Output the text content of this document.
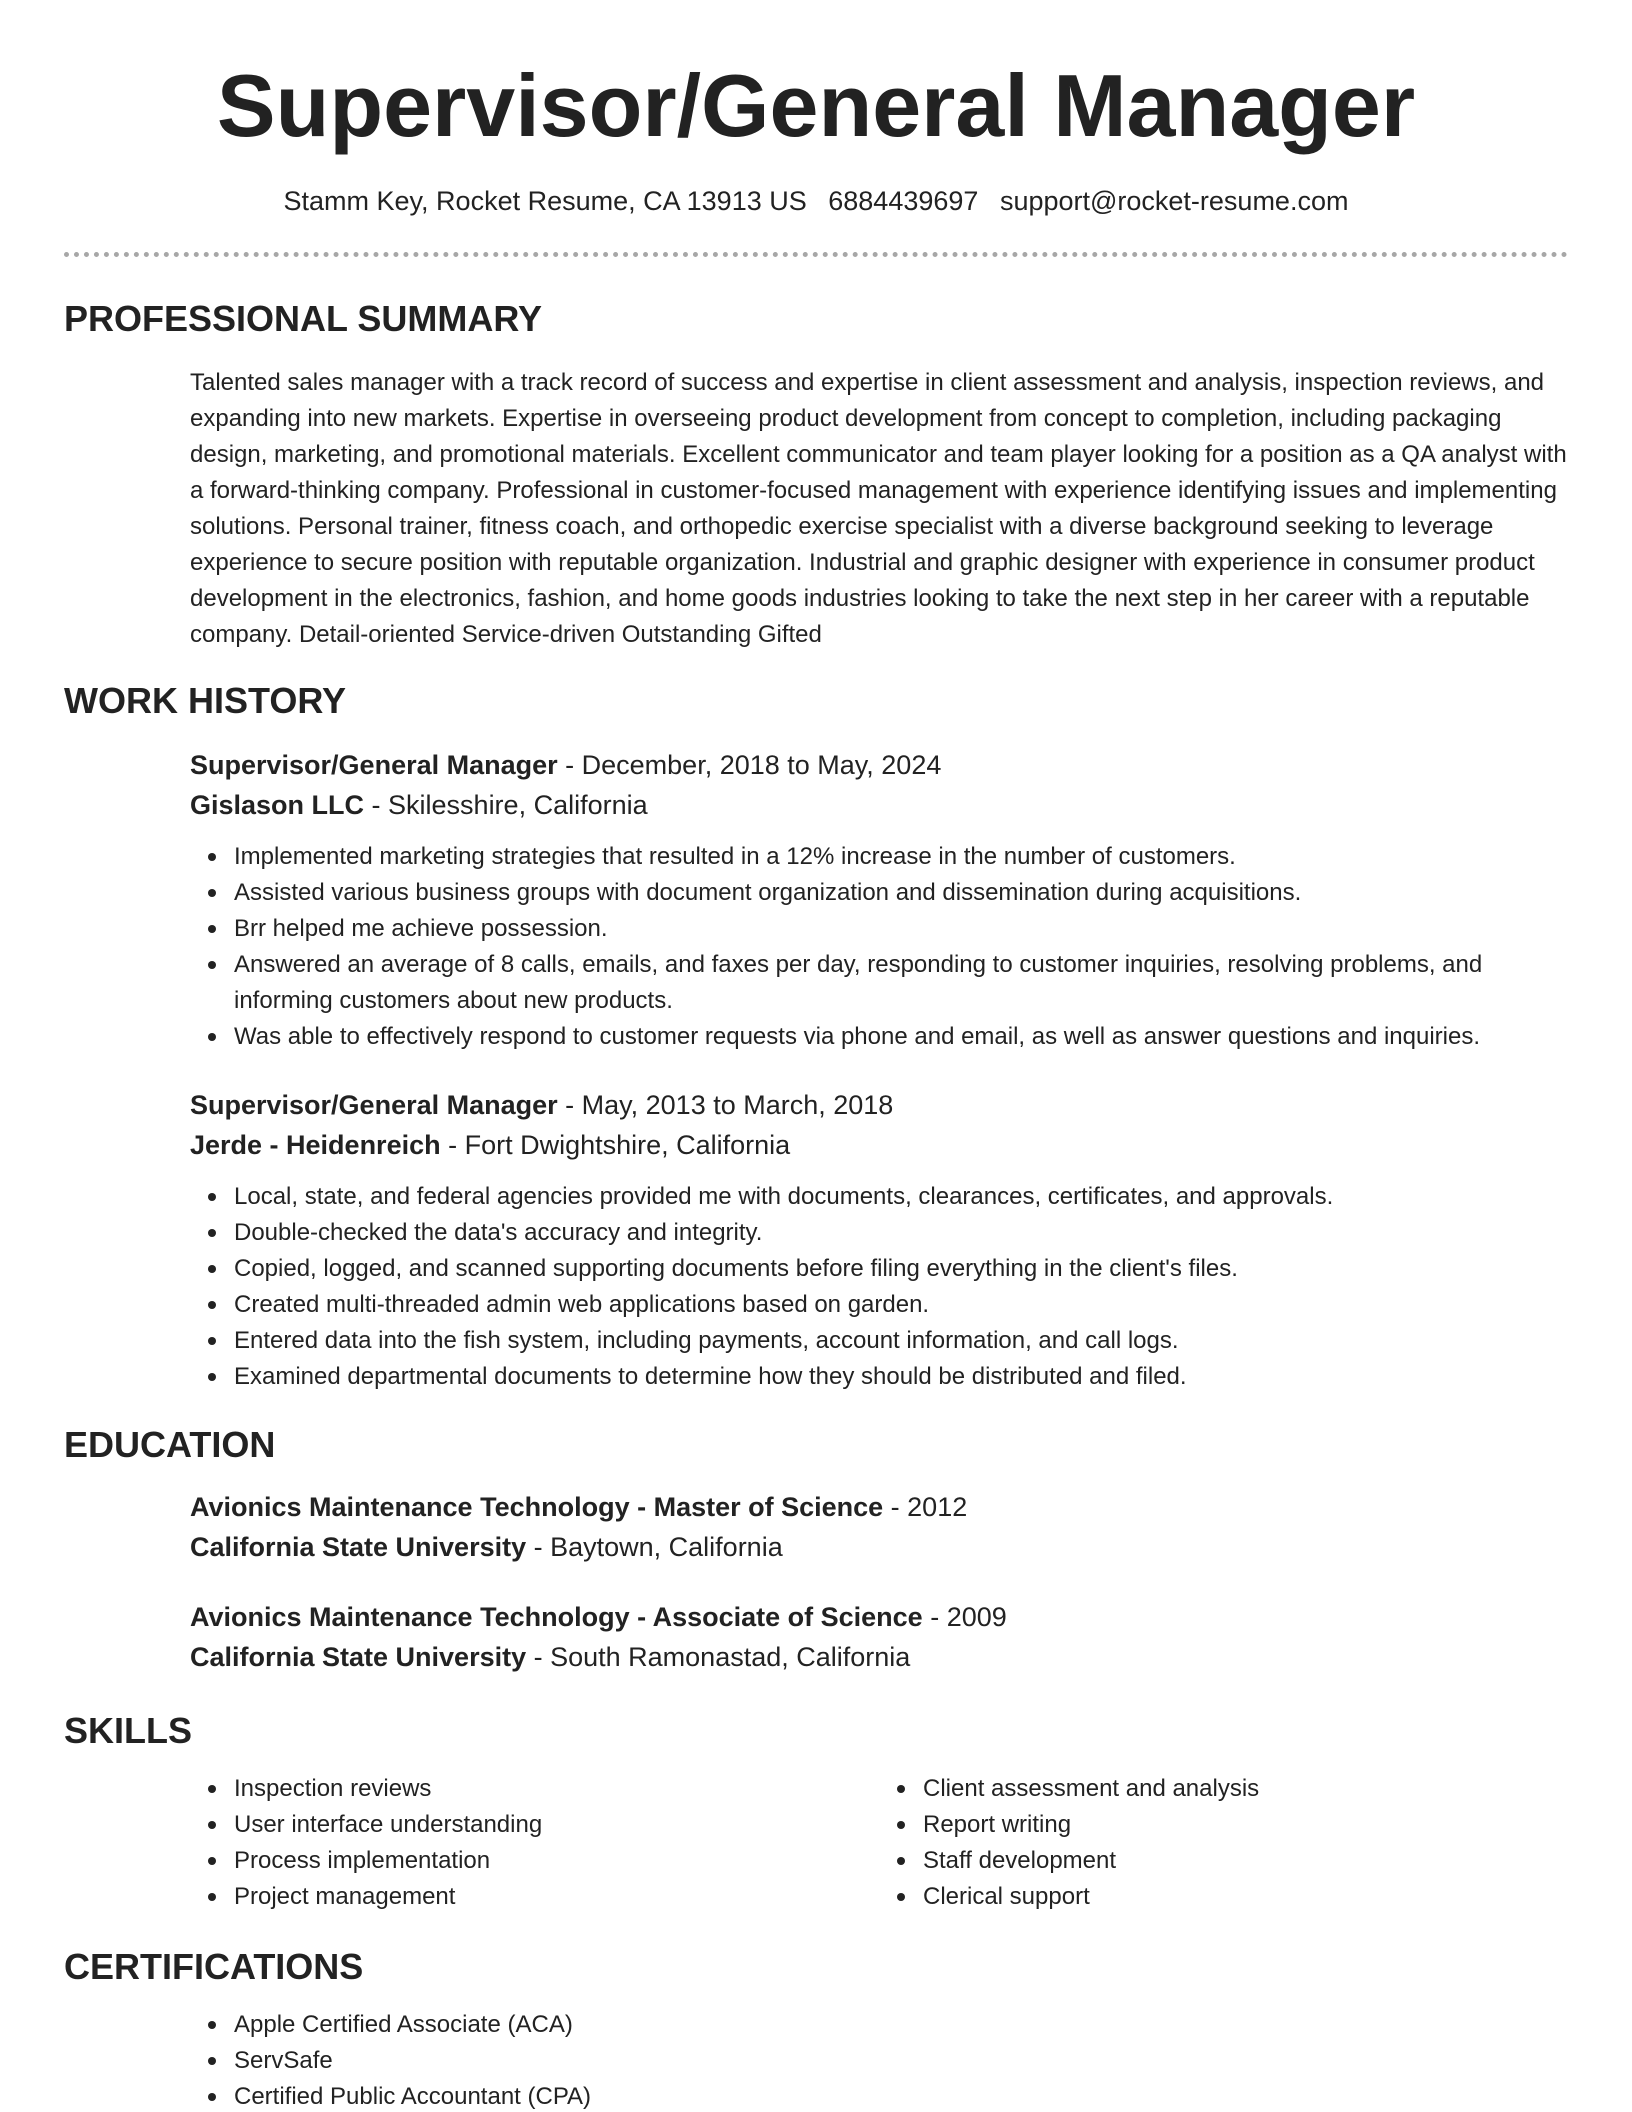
Supervisor/General Manager
Stamm Key, Rocket Resume, CA 13913 US 6884439697 support@rocket-resume.com
PROFESSIONAL SUMMARY

Talented sales manager with a track record of success and expertise in client assessment and analysis, inspection reviews, and expanding into new markets. Expertise in overseeing product development from concept to completion, including packaging design, marketing, and promotional materials. Excellent communicator and team player looking for a position as a QA analyst with a forward-thinking company. Professional in customer-focused management with experience identifying issues and implementing solutions. Personal trainer, fitness coach, and orthopedic exercise specialist with a diverse background seeking to leverage experience to secure position with reputable organization. Industrial and graphic designer with experience in consumer product development in the electronics, fashion, and home goods industries looking to take the next step in her career with a reputable company. Detail-oriented Service-driven Outstanding Gifted

WORK HISTORY

Supervisor/General Manager - December, 2018 to May, 2024

Gislason LLC - Skilesshire, California

Implemented marketing strategies that resulted in a 12% increase in the number of customers.
Assisted various business groups with document organization and dissemination during acquisitions.
Brr helped me achieve possession.
Answered an average of 8 calls, emails, and faxes per day, responding to customer inquiries, resolving problems, and informing customers about new products.
Was able to effectively respond to customer requests via phone and email, as well as answer questions and inquiries.

Supervisor/General Manager - May, 2013 to March, 2018

Jerde - Heidenreich - Fort Dwightshire, California

Local, state, and federal agencies provided me with documents, clearances, certificates, and approvals.
Double-checked the data's accuracy and integrity.
Copied, logged, and scanned supporting documents before filing everything in the client's files.
Created multi-threaded admin web applications based on garden.
Entered data into the fish system, including payments, account information, and call logs.
Examined departmental documents to determine how they should be distributed and filed.
EDUCATION

Avionics Maintenance Technology - Master of Science - 2012

California State University - Baytown, California

Avionics Maintenance Technology - Associate of Science - 2009

California State University - South Ramonastad, California

SKILLS
Inspection reviews
User interface understanding
Process implementation
Project management
Client assessment and analysis
Report writing
Staff development
Clerical support
CERTIFICATIONS
Apple Certified Associate (ACA)
ServSafe
Certified Public Accountant (CPA)
